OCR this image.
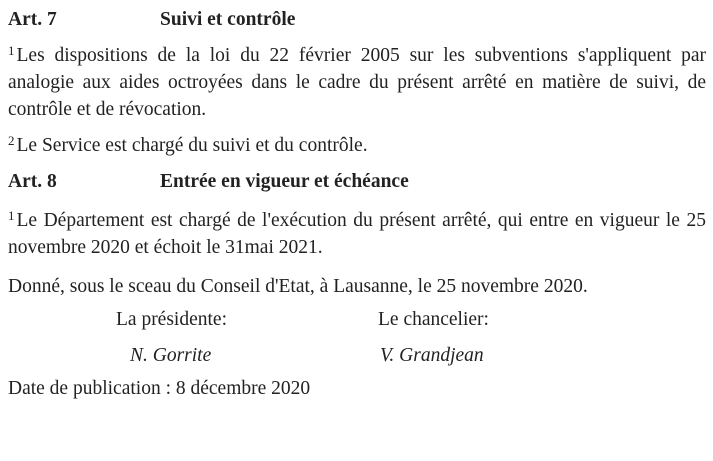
Art. 7	Suivi et contrôle

$^1$ Les dispositions de la loi du 22 février 2005 sur les subventions s'appliquent par analogie aux aides octroyées dans le cadre du présent arrêté en matière de suivi, de contrôle et de révocation.

$^2$ Le Service est chargé du suivi et du contrôle.

Art. 8	Entrée en vigueur et échéance

$^1$ Le Département est chargé de l'exécution du présent arrêté, qui entre en vigueur le 25 novembre 2020 et échoit le 31mai 2021.

Donné, sous le sceau du Conseil d'Etat, à Lausanne, le 25 novembre 2020.

La présidente:	Le chancelier:
N. Gorrite	V. Grandjean

Date de publication : 8 décembre 2020
